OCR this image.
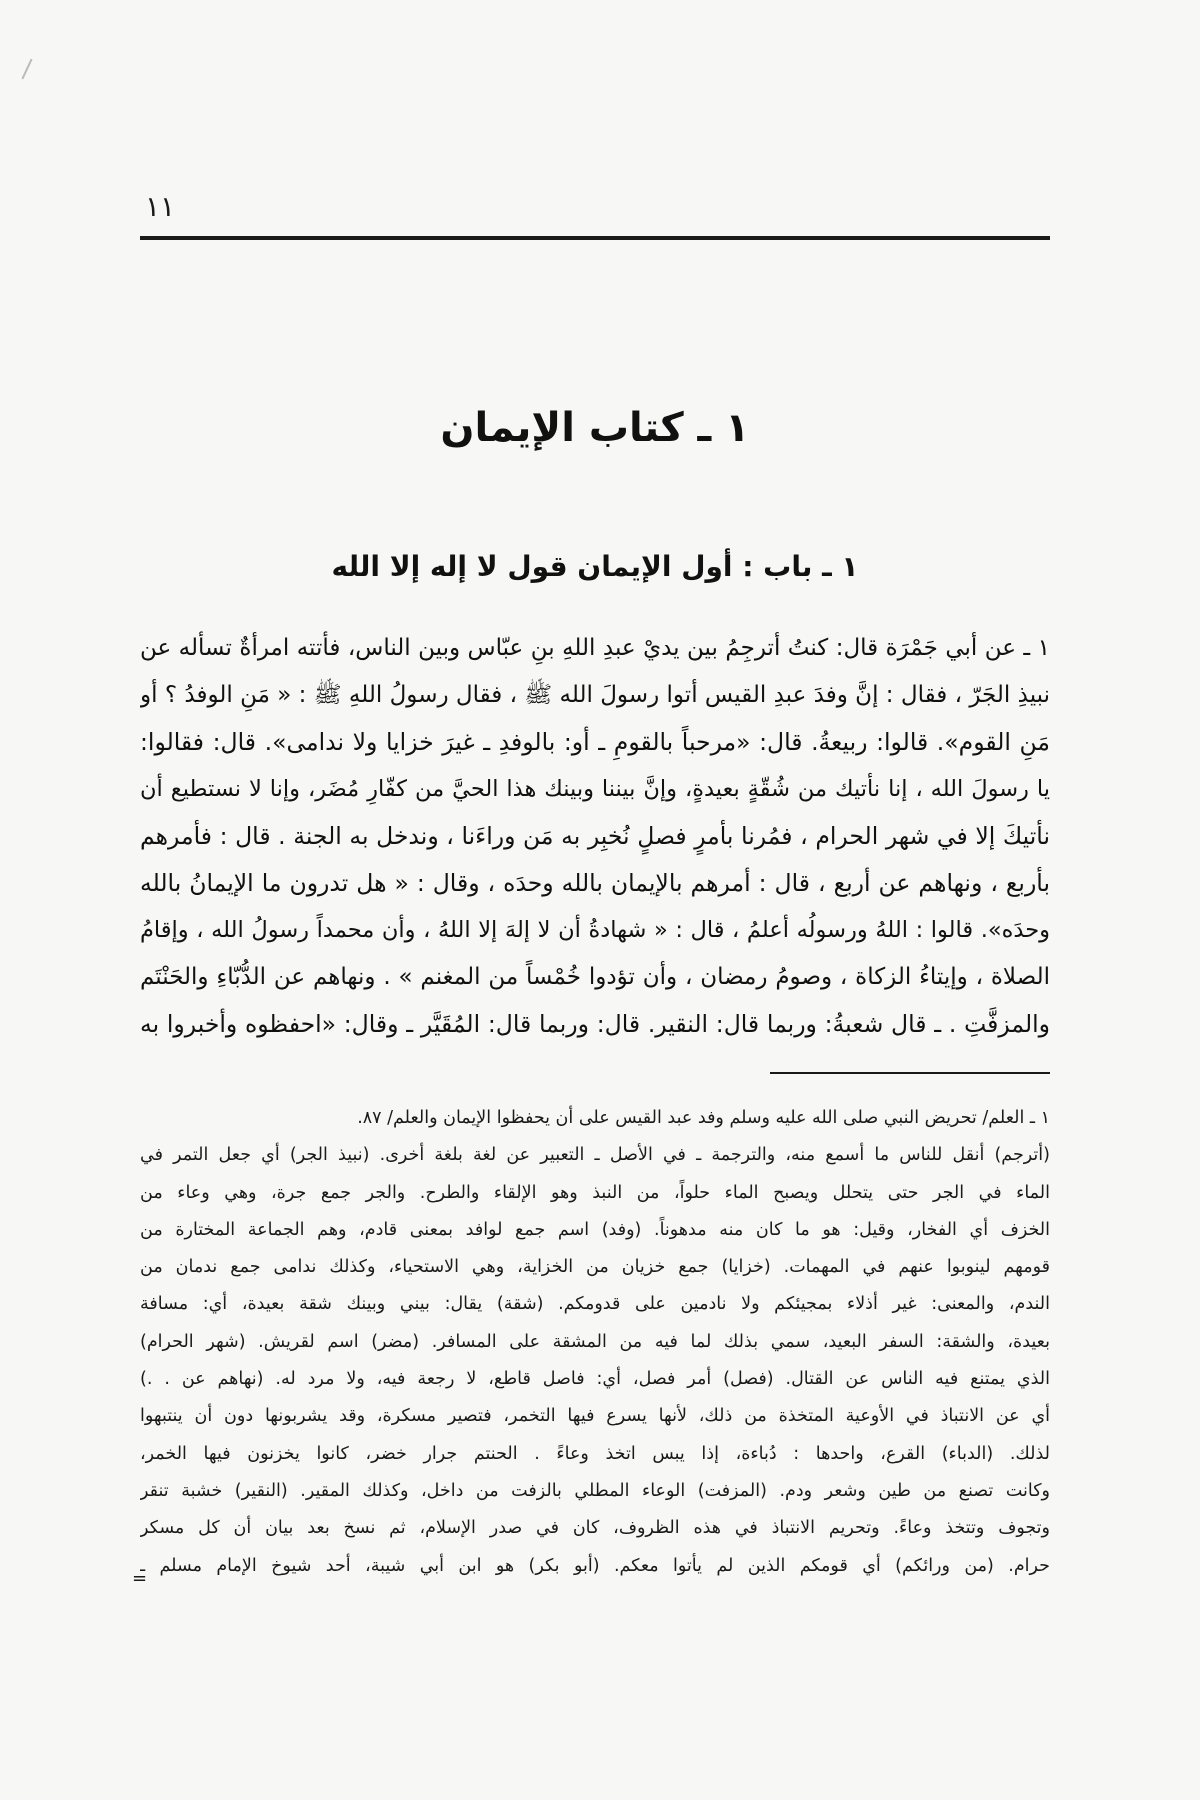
١١
١ ـ كتاب الإيمان
١ ـ باب : أول الإيمان قول لا إله إلا الله
١ ـ عن أبي جَمْرَة قال: كنتُ أترجِمُ بين يديْ عبدِ اللهِ بنِ عبّاس وبين الناس، فأتته امرأةٌ تسأله عن
نبيذِ الجَرّ ، فقال : إنَّ وفدَ عبدِ القيس أتوا رسولَ الله ﷺ ، فقال رسولُ اللهِ ﷺ : « مَنِ الوفدُ ؟ أو
مَنِ القوم». قالوا: ربيعةُ. قال: «مرحباً بالقومِ ـ أو: بالوفدِ ـ غيرَ خزايا ولا ندامى». قال: فقالوا:
يا رسولَ الله ، إنا نأتيك من شُقّةٍ بعيدةٍ، وإنَّ بيننا وبينك هذا الحيَّ من كفّارِ مُضَر، وإنا لا نستطيع أن
نأتيكَ إلا في شهر الحرام ، فمُرنا بأمرٍ فصلٍ نُخبِر به مَن وراءَنا ، وندخل به الجنة . قال : فأمرهم
بأربع ، ونهاهم عن أربع ، قال : أمرهم بالإيمان بالله وحدَه ، وقال : « هل تدرون ما الإيمانُ بالله
وحدَه». قالوا : اللهُ ورسولُه أعلمُ ، قال : « شهادةُ أن لا إلهَ إلا اللهُ ، وأن محمداً رسولُ الله ، وإقامُ
الصلاة ، وإيتاءُ الزكاة ، وصومُ رمضان ، وأن تؤدوا خُمْساً من المغنم » . ونهاهم عن الدُّبّاءِ والحَنْتَم
والمزفَّتِ . ـ قال شعبةُ: وربما قال: النقير. قال: وربما قال: المُقَيَّر ـ وقال: «احفظوه وأخبروا به
١ ـ العلم/ تحريض النبي صلى الله عليه وسلم وفد عبد القيس على أن يحفظوا الإيمان والعلم/ ٨٧.
(أترجم) أنقل للناس ما أسمع منه، والترجمة ـ في الأصل ـ التعبير عن لغة بلغة أخرى. (نبيذ الجر) أي جعل التمر في
الماء في الجر حتى يتحلل ويصبح الماء حلواً، من النبذ وهو الإلقاء والطرح. والجر جمع جرة، وهي وعاء من
الخزف أي الفخار، وقيل: هو ما كان منه مدهوناً. (وفد) اسم جمع لوافد بمعنى قادم، وهم الجماعة المختارة من
قومهم لينوبوا عنهم في المهمات. (خزايا) جمع خزيان من الخزاية، وهي الاستحياء، وكذلك ندامى جمع ندمان من
الندم، والمعنى: غير أذلاء بمجيئكم ولا نادمين على قدومكم. (شقة) يقال: بيني وبينك شقة بعيدة، أي: مسافة
بعيدة، والشقة: السفر البعيد، سمي بذلك لما فيه من المشقة على المسافر. (مضر) اسم لقريش. (شهر الحرام)
الذي يمتنع فيه الناس عن القتال. (فصل) أمر فصل، أي: فاصل قاطع، لا رجعة فيه، ولا مرد له. (نهاهم عن . .)
أي عن الانتباذ في الأوعية المتخذة من ذلك، لأنها يسرع فيها التخمر، فتصير مسكرة، وقد يشربونها دون أن ينتبهوا
لذلك. (الدباء) القرع، واحدها : دُباءة، إذا يبس اتخذ وعاءً . الحنتم جرار خضر، كانوا يخزنون فيها الخمر،
وكانت تصنع من طين وشعر ودم. (المزفت) الوعاء المطلي بالزفت من داخل، وكذلك المقير. (النقير) خشبة تنقر
وتجوف وتتخذ وعاءً. وتحريم الانتباذ في هذه الظروف، كان في صدر الإسلام، ثم نسخ بعد بيان أن كل مسكر
حرام. (من ورائكم) أي قومكم الذين لم يأتوا معكم. (أبو بكر) هو ابن أبي شيبة، أحد شيوخ الإمام مسلم ـ
=
